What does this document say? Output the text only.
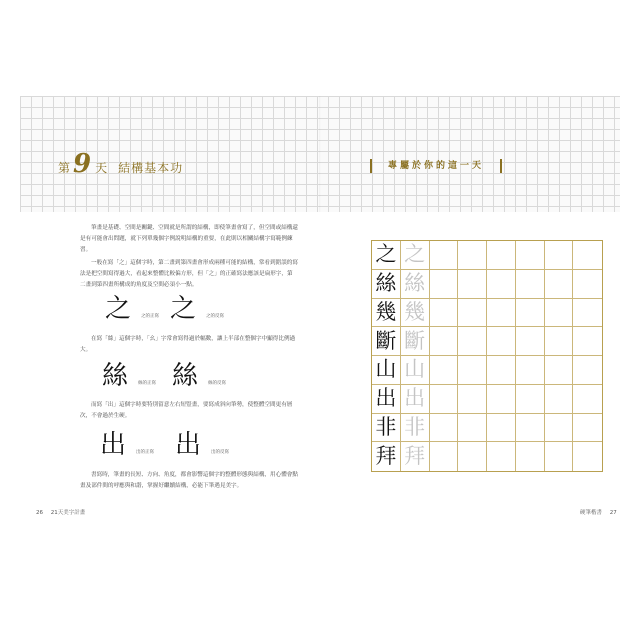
第 9 天 結構基本功	專屬於你的這一天

筆畫是基礎、空間是關鍵、空間就是所謂的結構，即使筆畫會寫了，但空間或結構還是有可能會出問題，就下列單幾個字例說明結構的重要，在此則以相關結構字寫範例練習。

一般在寫「之」這個字時，第二畫到第四畫會形成兩種可能的結構，常看到錯誤的寫法是把空間寫得過大，看起來整體比較偏方形，但「之」的正確寫法應該是扁形字，第二畫到第四畫所構成的角度及空間必須小一點。

之 之的正寫 之 之的反寫

在寫「絲」這個字時，「幺」字常會寫得過於幅數，讓上半部在整個字中顯得比例過大。

絲 絲的正寫 絲 絲的反寫

而寫「出」這個字時要特別留意左右短豎畫，要寫成斜向筆勢，使整體空間更有層次，不會過於生硬。

出 出的正寫 出 出的反寫

書寫時，筆畫的長短、方向、角度，都會影響這個字的整體形態與結構，用心體會點畫及部件間的呼應與和諧，掌握好繼續結構，必能下筆遇見美字。

26 21天美字計畫
之 之
絲 絲
幾 幾
斷 斷
山 山
出 出
非 非
拜 拜
硬筆楷書 27
